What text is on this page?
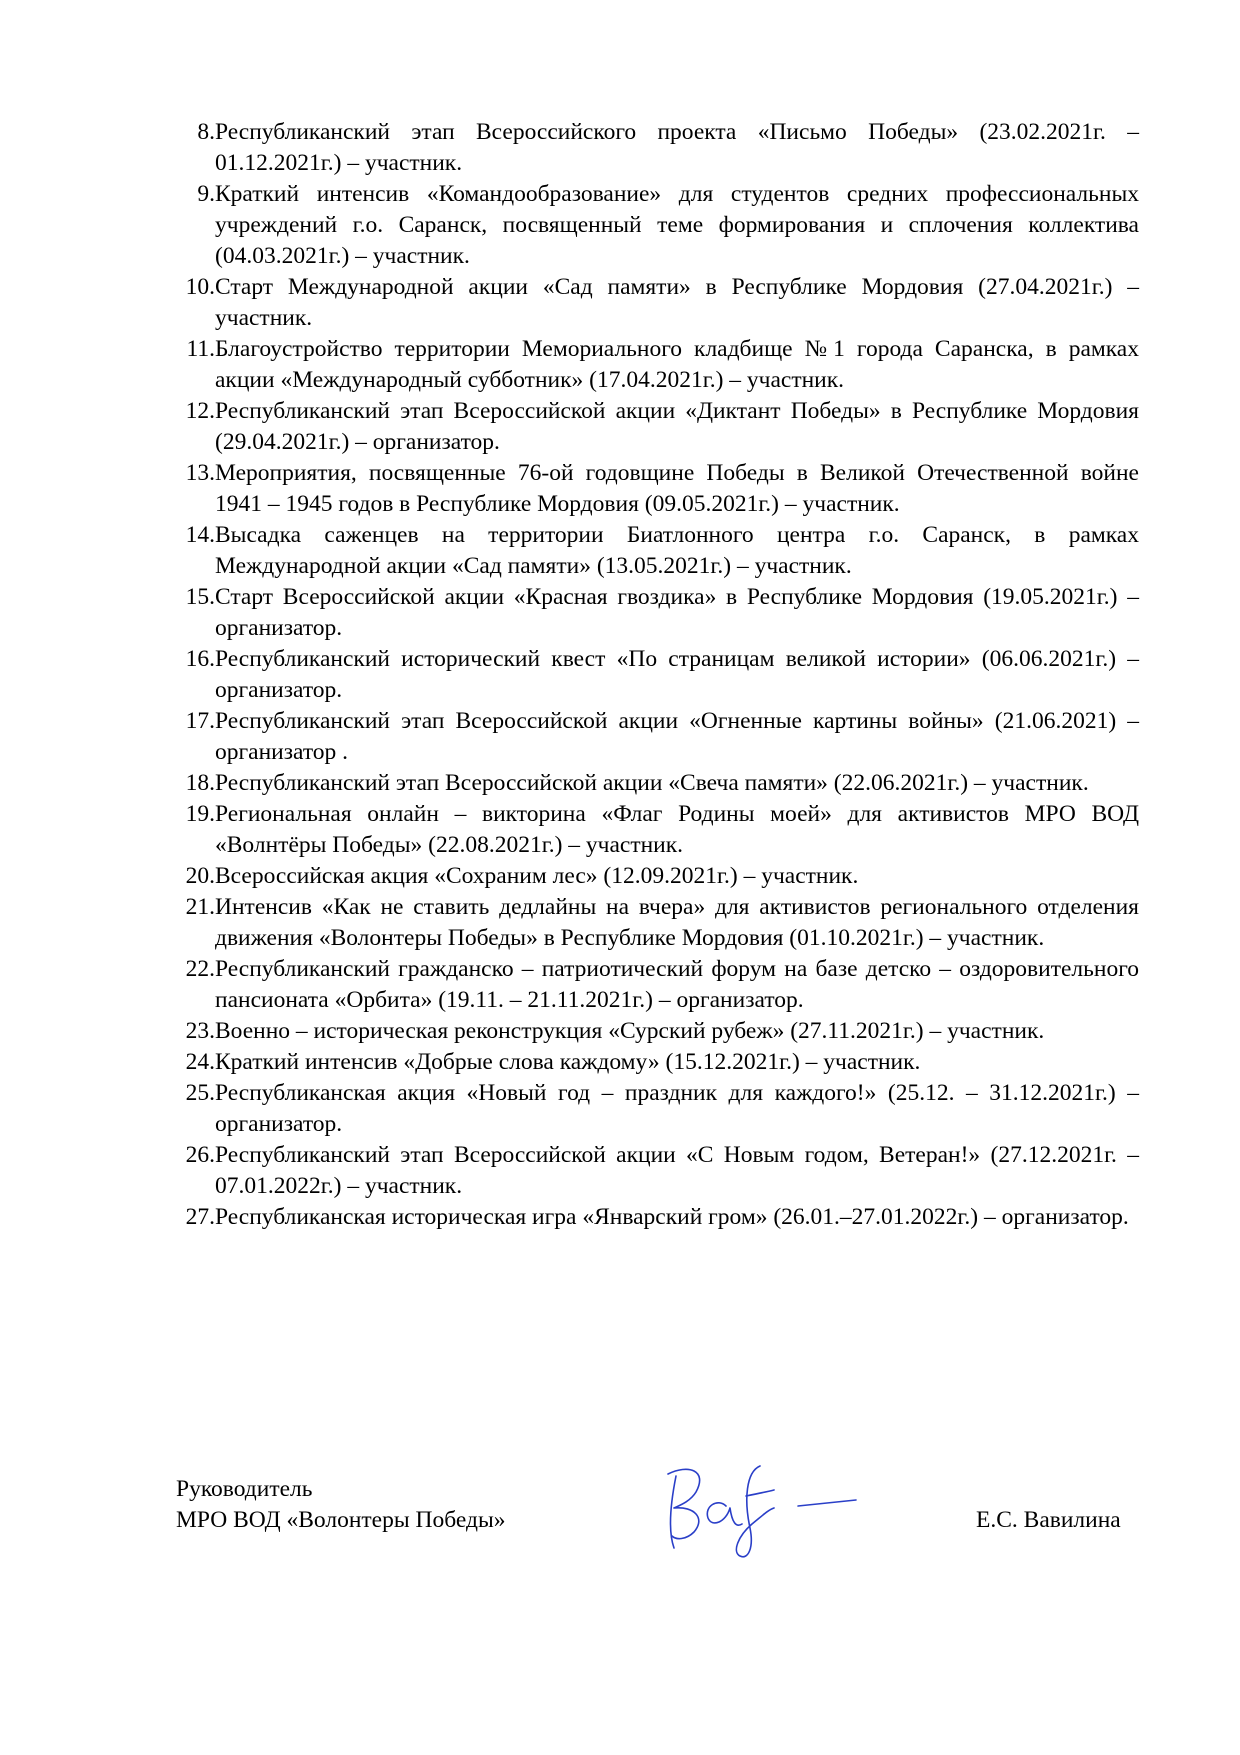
8. Республиканский этап Всероссийского проекта «Письмо Победы» (23.02.2021г. – 01.12.2021г.) – участник.
9. Краткий интенсив «Командообразование» для студентов средних профессиональных учреждений г.о. Саранск, посвященный теме формирования и сплочения коллектива (04.03.2021г.) – участник.
10. Старт Международной акции «Сад памяти» в Республике Мордовия (27.04.2021г.) – участник.
11. Благоустройство территории Мемориального кладбище №1 города Саранска, в рамках акции «Международный субботник» (17.04.2021г.) – участник.
12. Республиканский этап Всероссийской акции «Диктант Победы» в Республике Мордовия (29.04.2021г.) – организатор.
13. Мероприятия, посвященные 76-ой годовщине Победы в Великой Отечественной войне 1941 – 1945 годов в Республике Мордовия (09.05.2021г.) – участник.
14. Высадка саженцев на территории Биатлонного центра г.о. Саранск, в рамках Международной акции «Сад памяти» (13.05.2021г.) – участник.
15. Старт Всероссийской акции «Красная гвоздика» в Республике Мордовия (19.05.2021г.) – организатор.
16. Республиканский исторический квест «По страницам великой истории» (06.06.2021г.) – организатор.
17. Республиканский этап Всероссийской акции «Огненные картины войны» (21.06.2021) – организатор .
18. Республиканский этап Всероссийской акции «Свеча памяти» (22.06.2021г.) – участник.
19. Региональная онлайн – викторина «Флаг Родины моей» для активистов МРО ВОД «Волнтёры Победы» (22.08.2021г.) – участник.
20. Всероссийская акция «Сохраним лес» (12.09.2021г.) – участник.
21. Интенсив «Как не ставить дедлайны на вчера» для активистов регионального отделения движения «Волонтеры Победы» в Республике Мордовия (01.10.2021г.) – участник.
22. Республиканский гражданско – патриотический форум на базе детско – оздоровительного пансионата «Орбита» (19.11. – 21.11.2021г.) – организатор.
23. Военно – историческая реконструкция «Сурский рубеж» (27.11.2021г.) – участник.
24. Краткий интенсив «Добрые слова каждому» (15.12.2021г.) – участник.
25. Республиканская акция «Новый год – праздник для каждого!» (25.12. – 31.12.2021г.) – организатор.
26. Республиканский этап Всероссийской акции «С Новым годом, Ветеран!» (27.12.2021г. – 07.01.2022г.) – участник.
27. Республиканская историческая игра «Январский гром» (26.01.–27.01.2022г.) – организатор.
Руководитель
МРО ВОД «Волонтеры Победы»	Е.С. Вавилина
